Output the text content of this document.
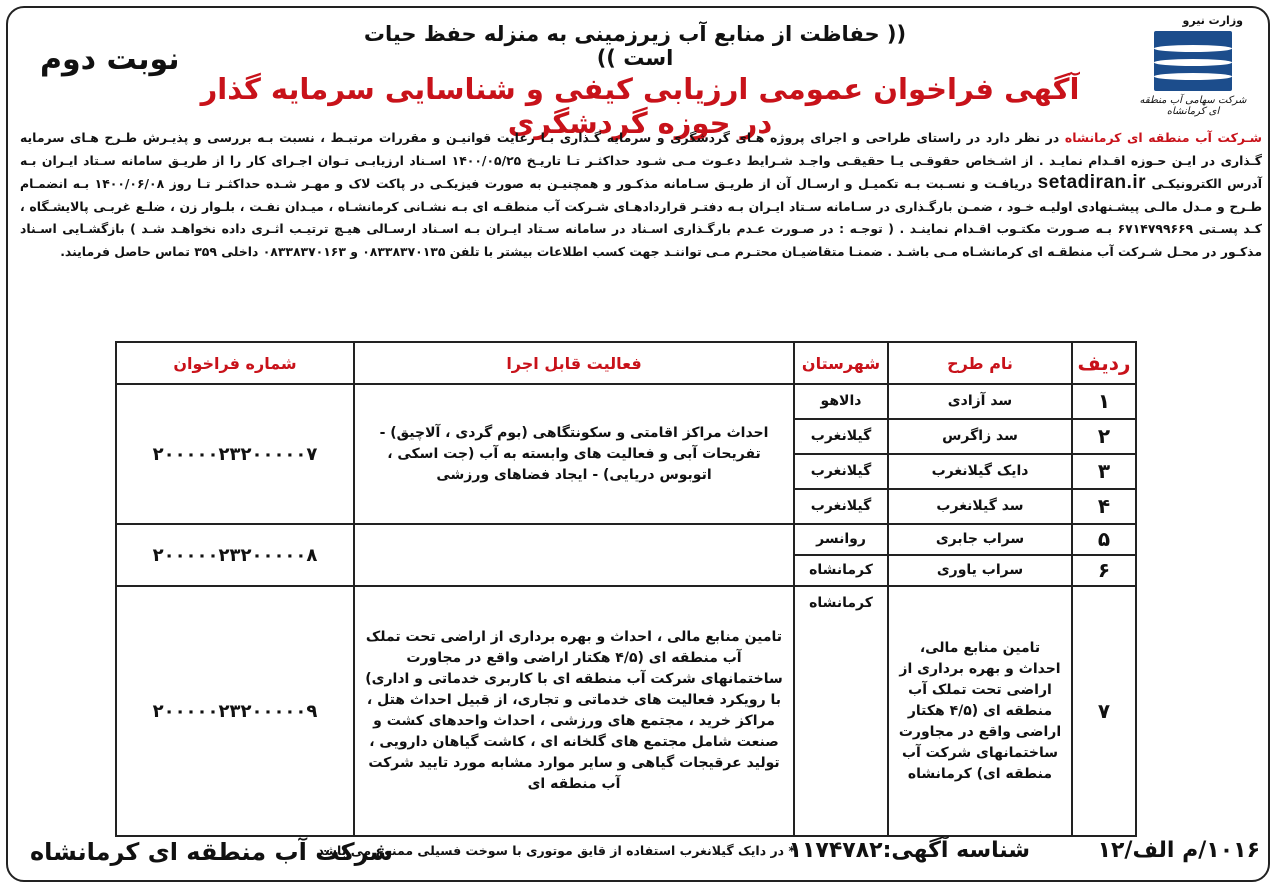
وزارت نیرو
شرکت سهامی آب منطقه ای کرمانشاه
(( حفاظت از منابع آب زیرزمینی به منزله حفظ حیات است ))
نوبت دوم
آگهی فراخوان عمومی ارزیابی کیفی و شناسایی سرمایه گذار در حوزه گردشگری	شـرکت آب منطقه ای کرمانشاه در نظر دارد در راستای طراحی و اجرای پروژه هـای گردشگری و سرمایه گـذاری بـا رعایت قوانیـن و مقررات مرتبـط ، نسبت بـه بررسی و پذیـرش طـرح هـای سرمایه گـذاری در ایـن حـوزه اقـدام نمایـد . از اشـخاص حقوقـی یـا حقیقـی واجـد شـرایط دعـوت مـی شـود حداکثـر تـا تاریـخ ۱۴۰۰/۰۵/۲۵ اسـناد ارزیابـی تـوان اجـرای کار را از طریـق سامانه سـتاد ایـران بـه آدرس الکترونیکـی setadiran.ir دریافـت و نسـبت بـه تکمیـل و ارسـال آن از طریـق سـامانه مذکـور و همچنیـن به صورت فیزیکـی در پاکت لاک و مهـر شـده حداکثـر تـا روز ۱۴۰۰/۰۶/۰۸ بـه انضمـام طـرح و مـدل مالـی پیشـنهادی اولیـه خـود ، ضمـن بارگـذاری در سـامانه سـتاد ایـران بـه دفتـر قراردادهـای شـرکت آب منطقـه ای بـه نشـانی کرمانشـاه ، میـدان نفـت ، بلـوار زن ، ضلـع غربـی پالایشـگاه ، کـد پسـتی ۶۷۱۴۷۹۹۶۶۹ بـه صـورت مکتـوب اقـدام نماینـد . ( توجـه : در صـورت عـدم بارگـذاری اسـناد در سامانه سـتاد ایـران بـه اسـناد ارسـالی هیـچ ترتیـب اثـری داده نخواهـد شـد ) بازگشـایی اسـناد مذکـور در محـل شـرکت آب منطقـه ای کرمانشـاه مـی باشـد . ضمنـا متقاضیـان محتـرم مـی تواننـد جهت کسب اطلاعات بیشتر با تلفن ۰۸۳۳۸۳۷۰۱۳۵ و ۰۸۳۳۸۳۷۰۱۶۳ داخلی ۳۵۹ تماس حاصل فرمایند.
ردیف	نام طرح	شهرستان	فعالیت قابل اجرا	شماره فراخوان
۱	سد آزادی	دالاهو	احداث مراکز اقامتی و سکونتگاهی (بوم گردی ، آلاچیق) - تفریحات آبی و فعالیت های وابسته به آب (جت اسکی ، اتوبوس دریایی) - ایجاد فضاهای ورزشی	۲۰۰۰۰۰۲۳۲۰۰۰۰۰۷
۲	سد زاگرس	گیلانغرب		
۳	دایک گیلانغرب	گیلانغرب		
۴	سد گیلانغرب	گیلانغرب		
۵	سراب جابری	روانسر		۲۰۰۰۰۰۲۳۲۰۰۰۰۰۸
۶	سراب یاوری	کرمانشاه		
۷	تامین منابع مالی، احداث و بهره برداری از اراضی تحت تملک آب منطقه ای (۴/۵ هکتار اراضی واقع در مجاورت ساختمانهای شرکت آب منطقه ای) کرمانشاه	کرمانشاه	تامین منابع مالی ، احداث و بهره برداری از اراضی تحت تملک آب منطقه ای (۴/۵ هکتار اراضی واقع در مجاورت ساختمانهای شرکت آب منطقه ای با کاربری خدماتی و اداری) با رویکرد فعالیت های خدماتی و تجاری، از قبیل احداث هتل ، مراکز خرید ، مجتمع های ورزشی ، احداث واحدهای کشت و صنعت شامل مجتمع های گلخانه ای ، کاشت گیاهان دارویی ، تولید عرقیجات گیاهی و سایر موارد مشابه مورد تایید شرکت آب منطقه ای	۲۰۰۰۰۰۲۳۲۰۰۰۰۰۹
۱۰۱۶/م الف/۱۲
شناسه آگهی:۱۱۷۴۷۸۲
* در دایک گیلانغرب استفاده از قایق موتوری با سوخت فسیلی ممنوع می باشد
شرکت آب منطقه ای کرمانشاه
